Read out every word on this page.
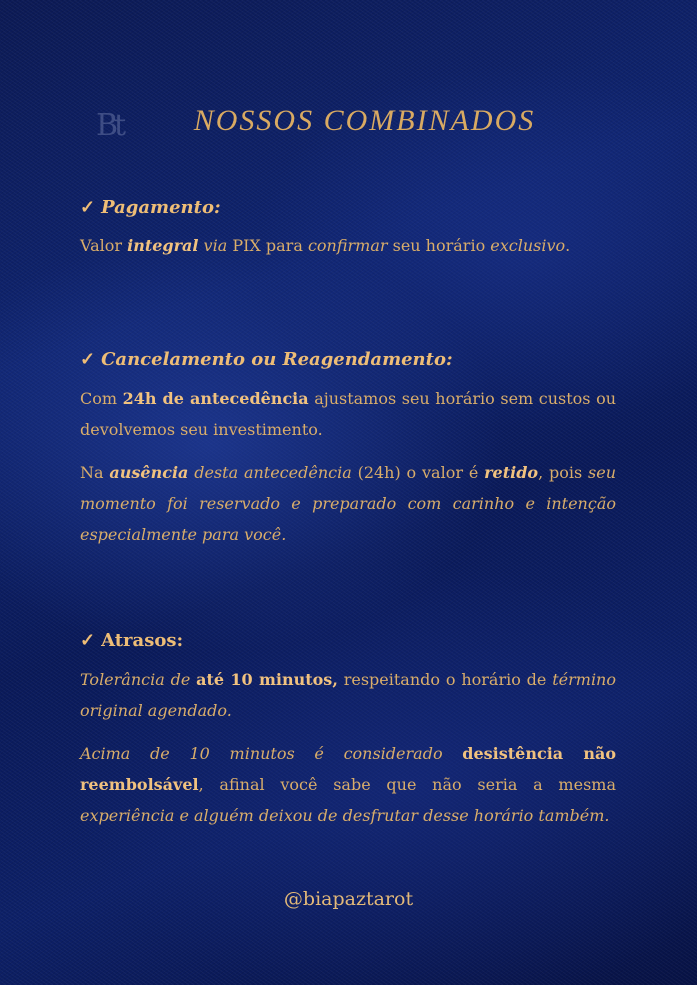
Bt	NOSSOS COMBINADOS
✓ Pagamento:

Valor integral via PIX para confirmar seu horário exclusivo.

✓ Cancelamento ou Reagendamento:

Com 24h de antecedência ajustamos seu horário sem custos ou devolvemos seu investimento.

Na ausência desta antecedência (24h) o valor é retido, pois seu momento foi reservado e preparado com carinho e intenção especialmente para você.

✓ Atrasos:

Tolerância de até 10 minutos, respeitando o horário de término original agendado.

Acima de 10 minutos é considerado desistência não reembolsável, afinal você sabe que não seria a mesma experiência e alguém deixou de desfrutar desse horário também.

@biapaztarot
